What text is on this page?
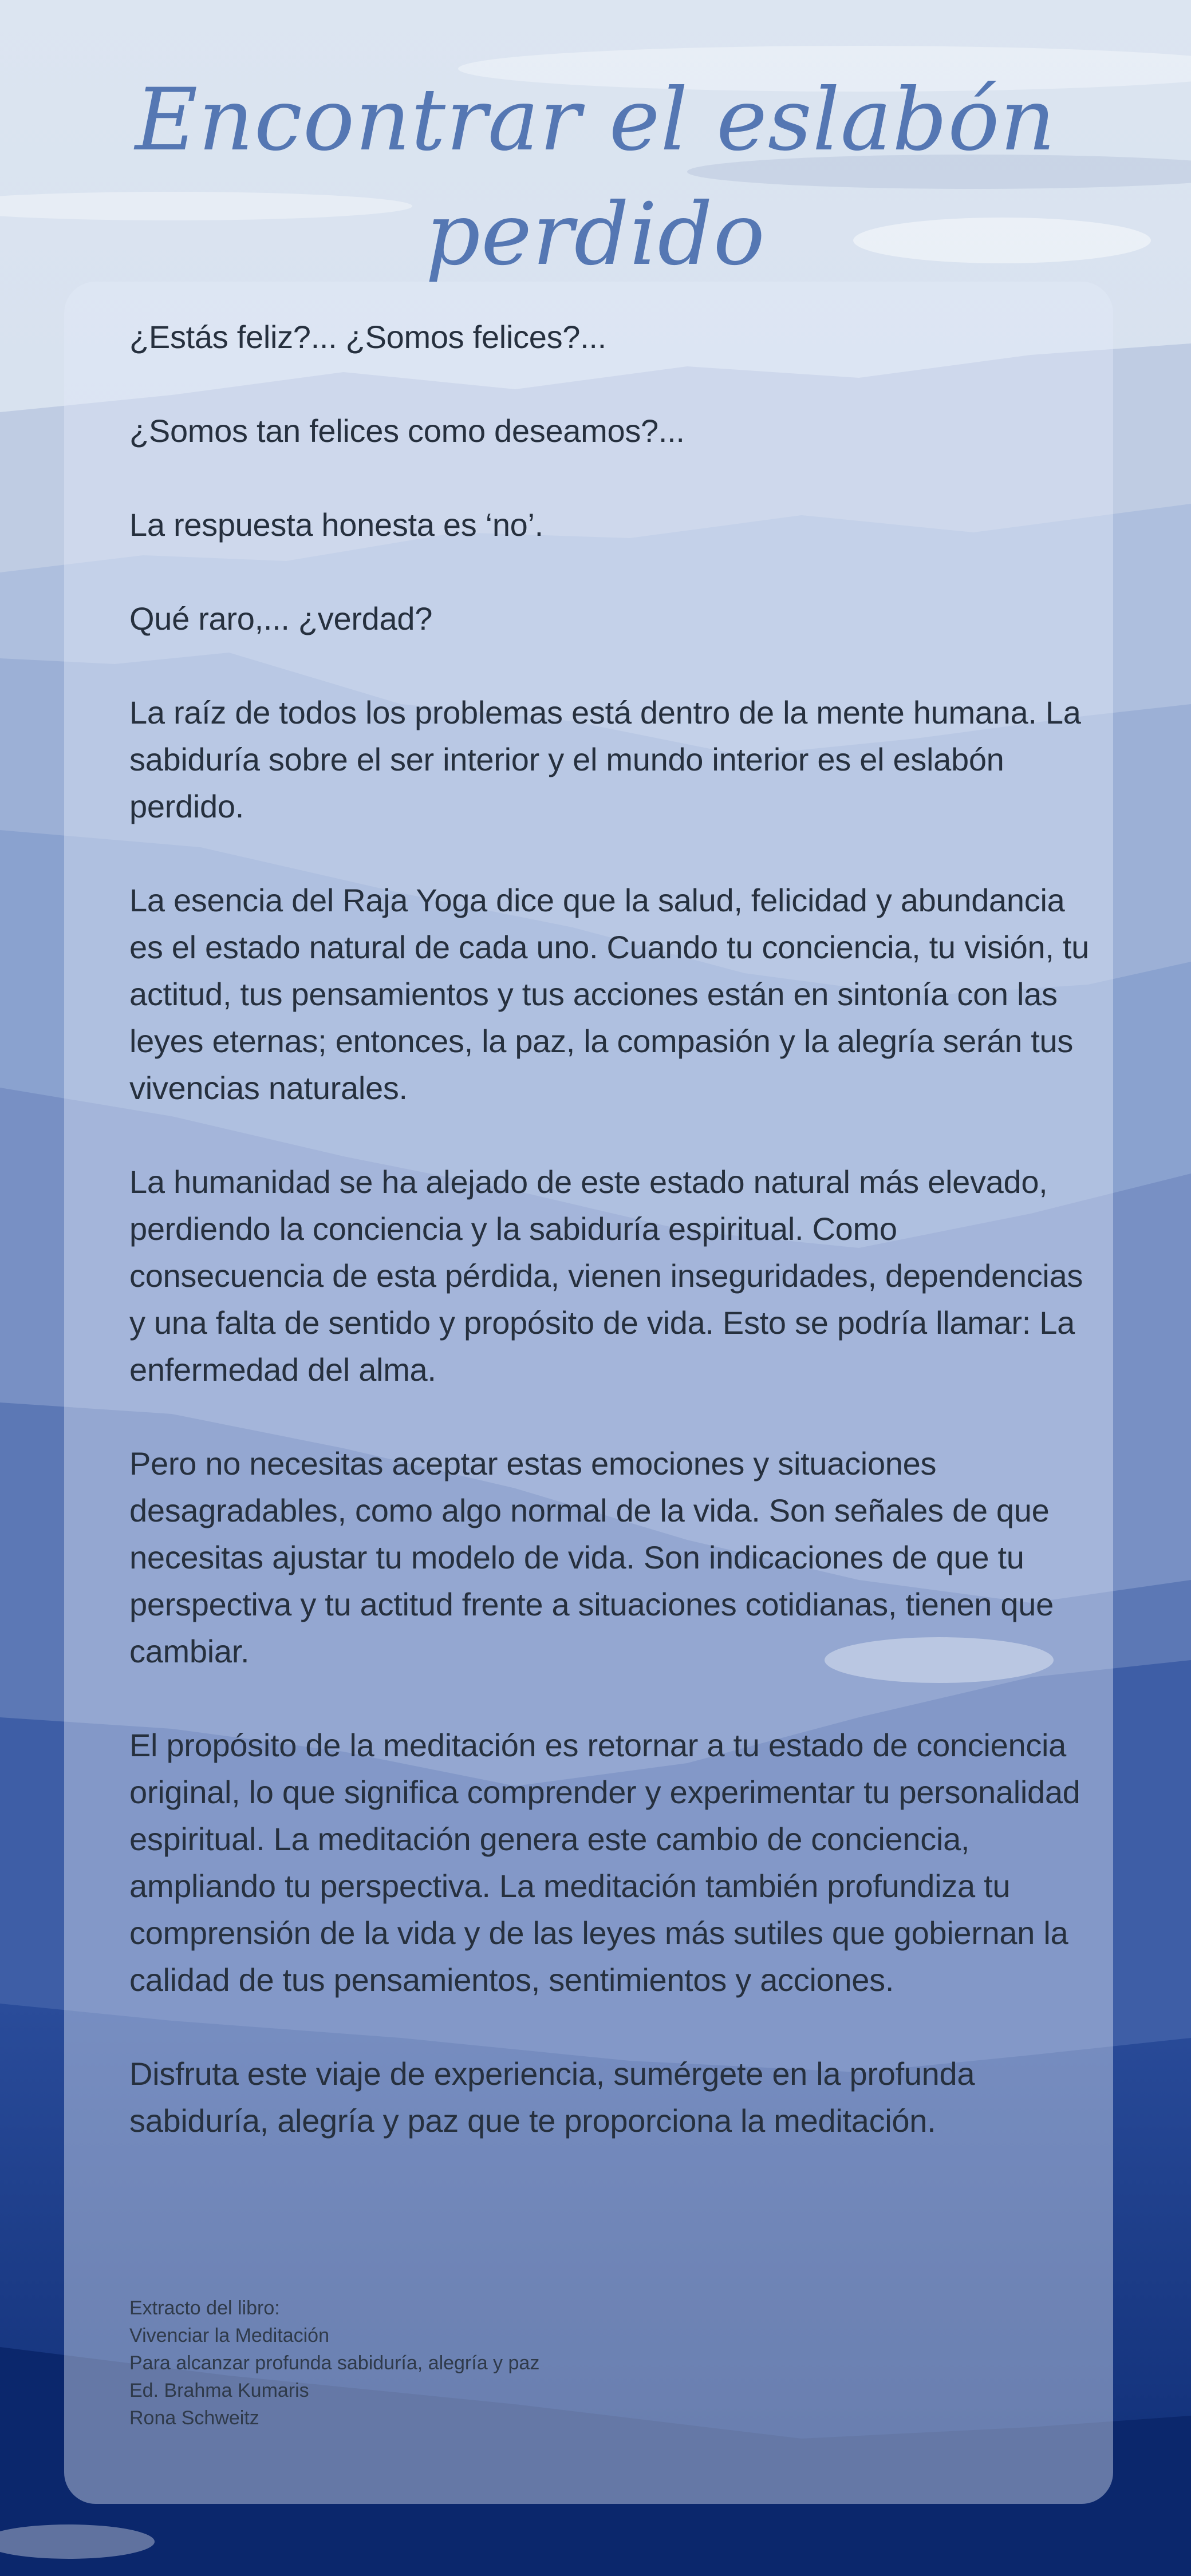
Encontrar el eslabón perdido

¿Estás feliz?... ¿Somos felices?...

¿Somos tan felices como deseamos?...

La respuesta honesta es ‘no’.

Qué raro,... ¿verdad?

La raíz de todos los problemas está dentro de la mente humana. La sabiduría sobre el ser interior y el mundo interior es el eslabón perdido.

La esencia del Raja Yoga dice que la salud, felicidad y abundancia es el estado natural de cada uno. Cuando tu conciencia, tu visión, tu actitud, tus pensamientos y tus acciones están en sintonía con las leyes eternas; entonces, la paz, la compasión y la alegría serán tus vivencias naturales.

La humanidad se ha alejado de este estado natural más elevado, perdiendo la conciencia y la sabiduría espiritual. Como consecuencia de esta pérdida, vienen inseguridades, dependencias y una falta de sentido y propósito de vida. Esto se podría llamar: La enfermedad del alma.

Pero no necesitas aceptar estas emociones y situaciones desagradables, como algo normal de la vida. Son señales de que necesitas ajustar tu modelo de vida. Son indicaciones de que tu perspectiva y tu actitud frente a situaciones cotidianas, tienen que cambiar.

El propósito de la meditación es retornar a tu estado de conciencia original, lo que significa comprender y experimentar tu personalidad espiritual. La meditación genera este cambio de conciencia, ampliando tu perspectiva. La meditación también profundiza tu comprensión de la vida y de las leyes más sutiles que gobiernan la calidad de tus pensamientos, sentimientos y acciones.

Disfruta este viaje de experiencia, sumérgete en la profunda sabiduría, alegría y paz que te proporciona la meditación.

Extracto del libro:
Vivenciar la Meditación
Para alcanzar profunda sabiduría, alegría y paz
Ed. Brahma Kumaris
Rona Schweitz
